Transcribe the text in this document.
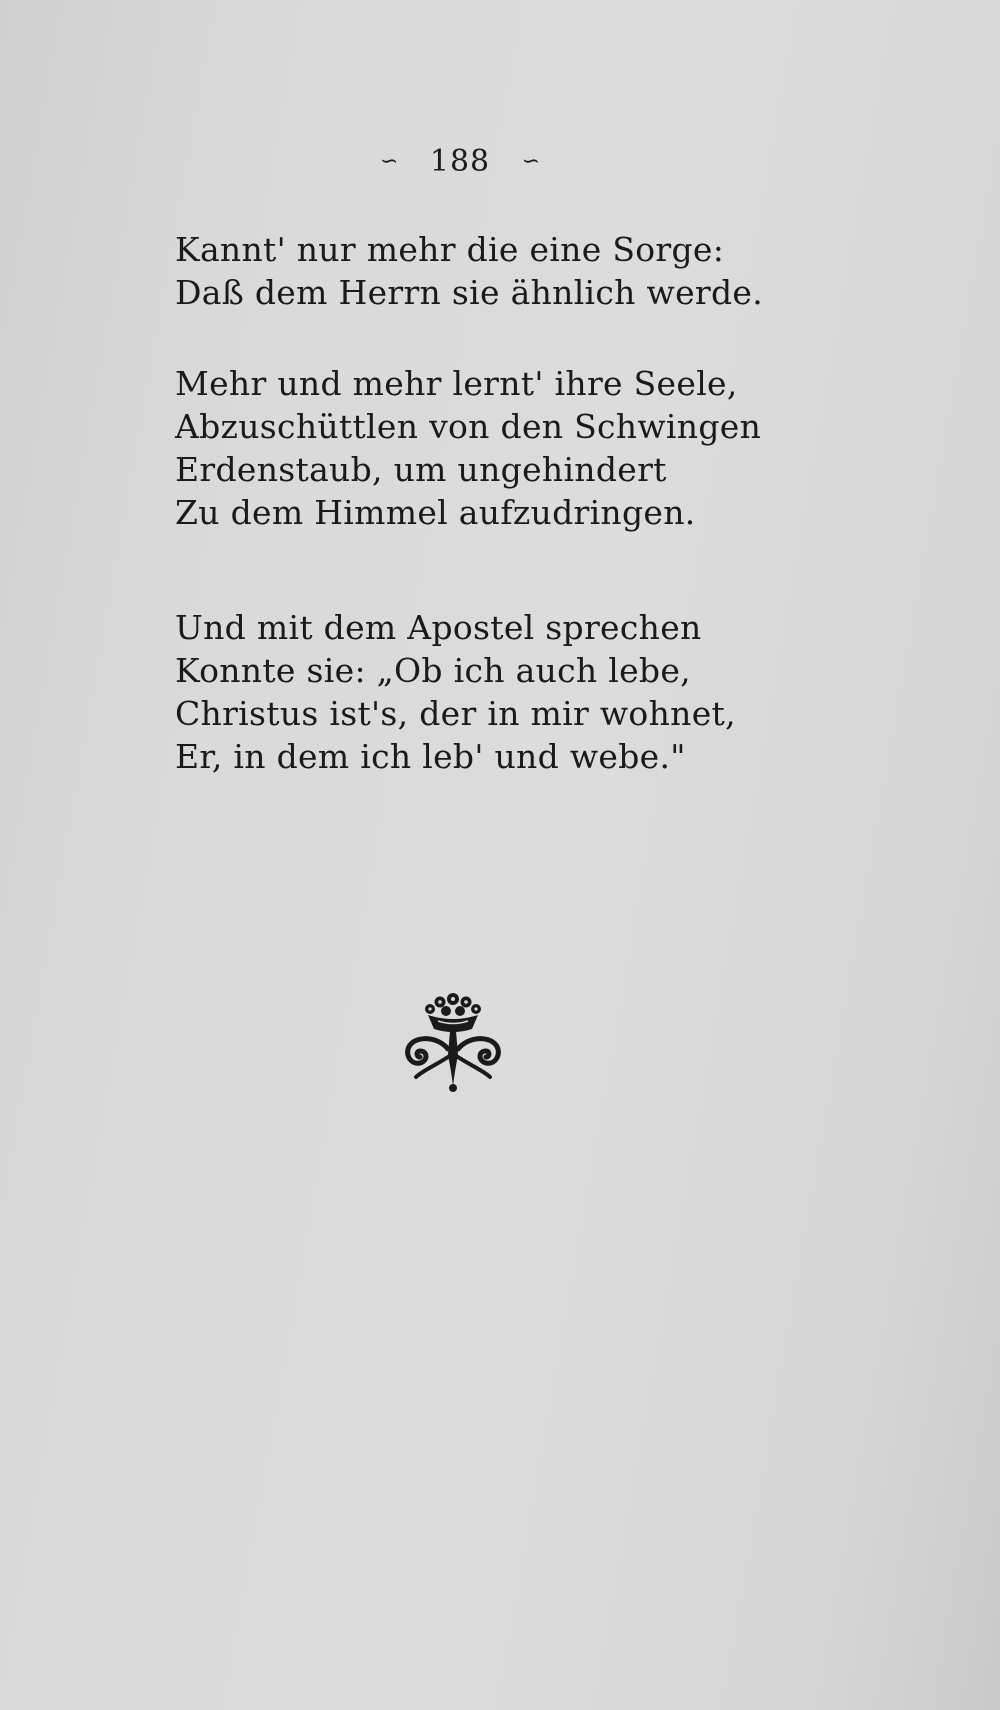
∽ 188 ∽
Kannt' nur mehr die eine Sorge:
Daß dem Herrn sie ähnlich werde.
Mehr und mehr lernt' ihre Seele,
Abzuschüttlen von den Schwingen
Erdenstaub, um ungehindert
Zu dem Himmel aufzudringen.
Und mit dem Apostel sprechen
Konnte sie: „Ob ich auch lebe,
Christus ist's, der in mir wohnet,
Er, in dem ich leb' und webe."
